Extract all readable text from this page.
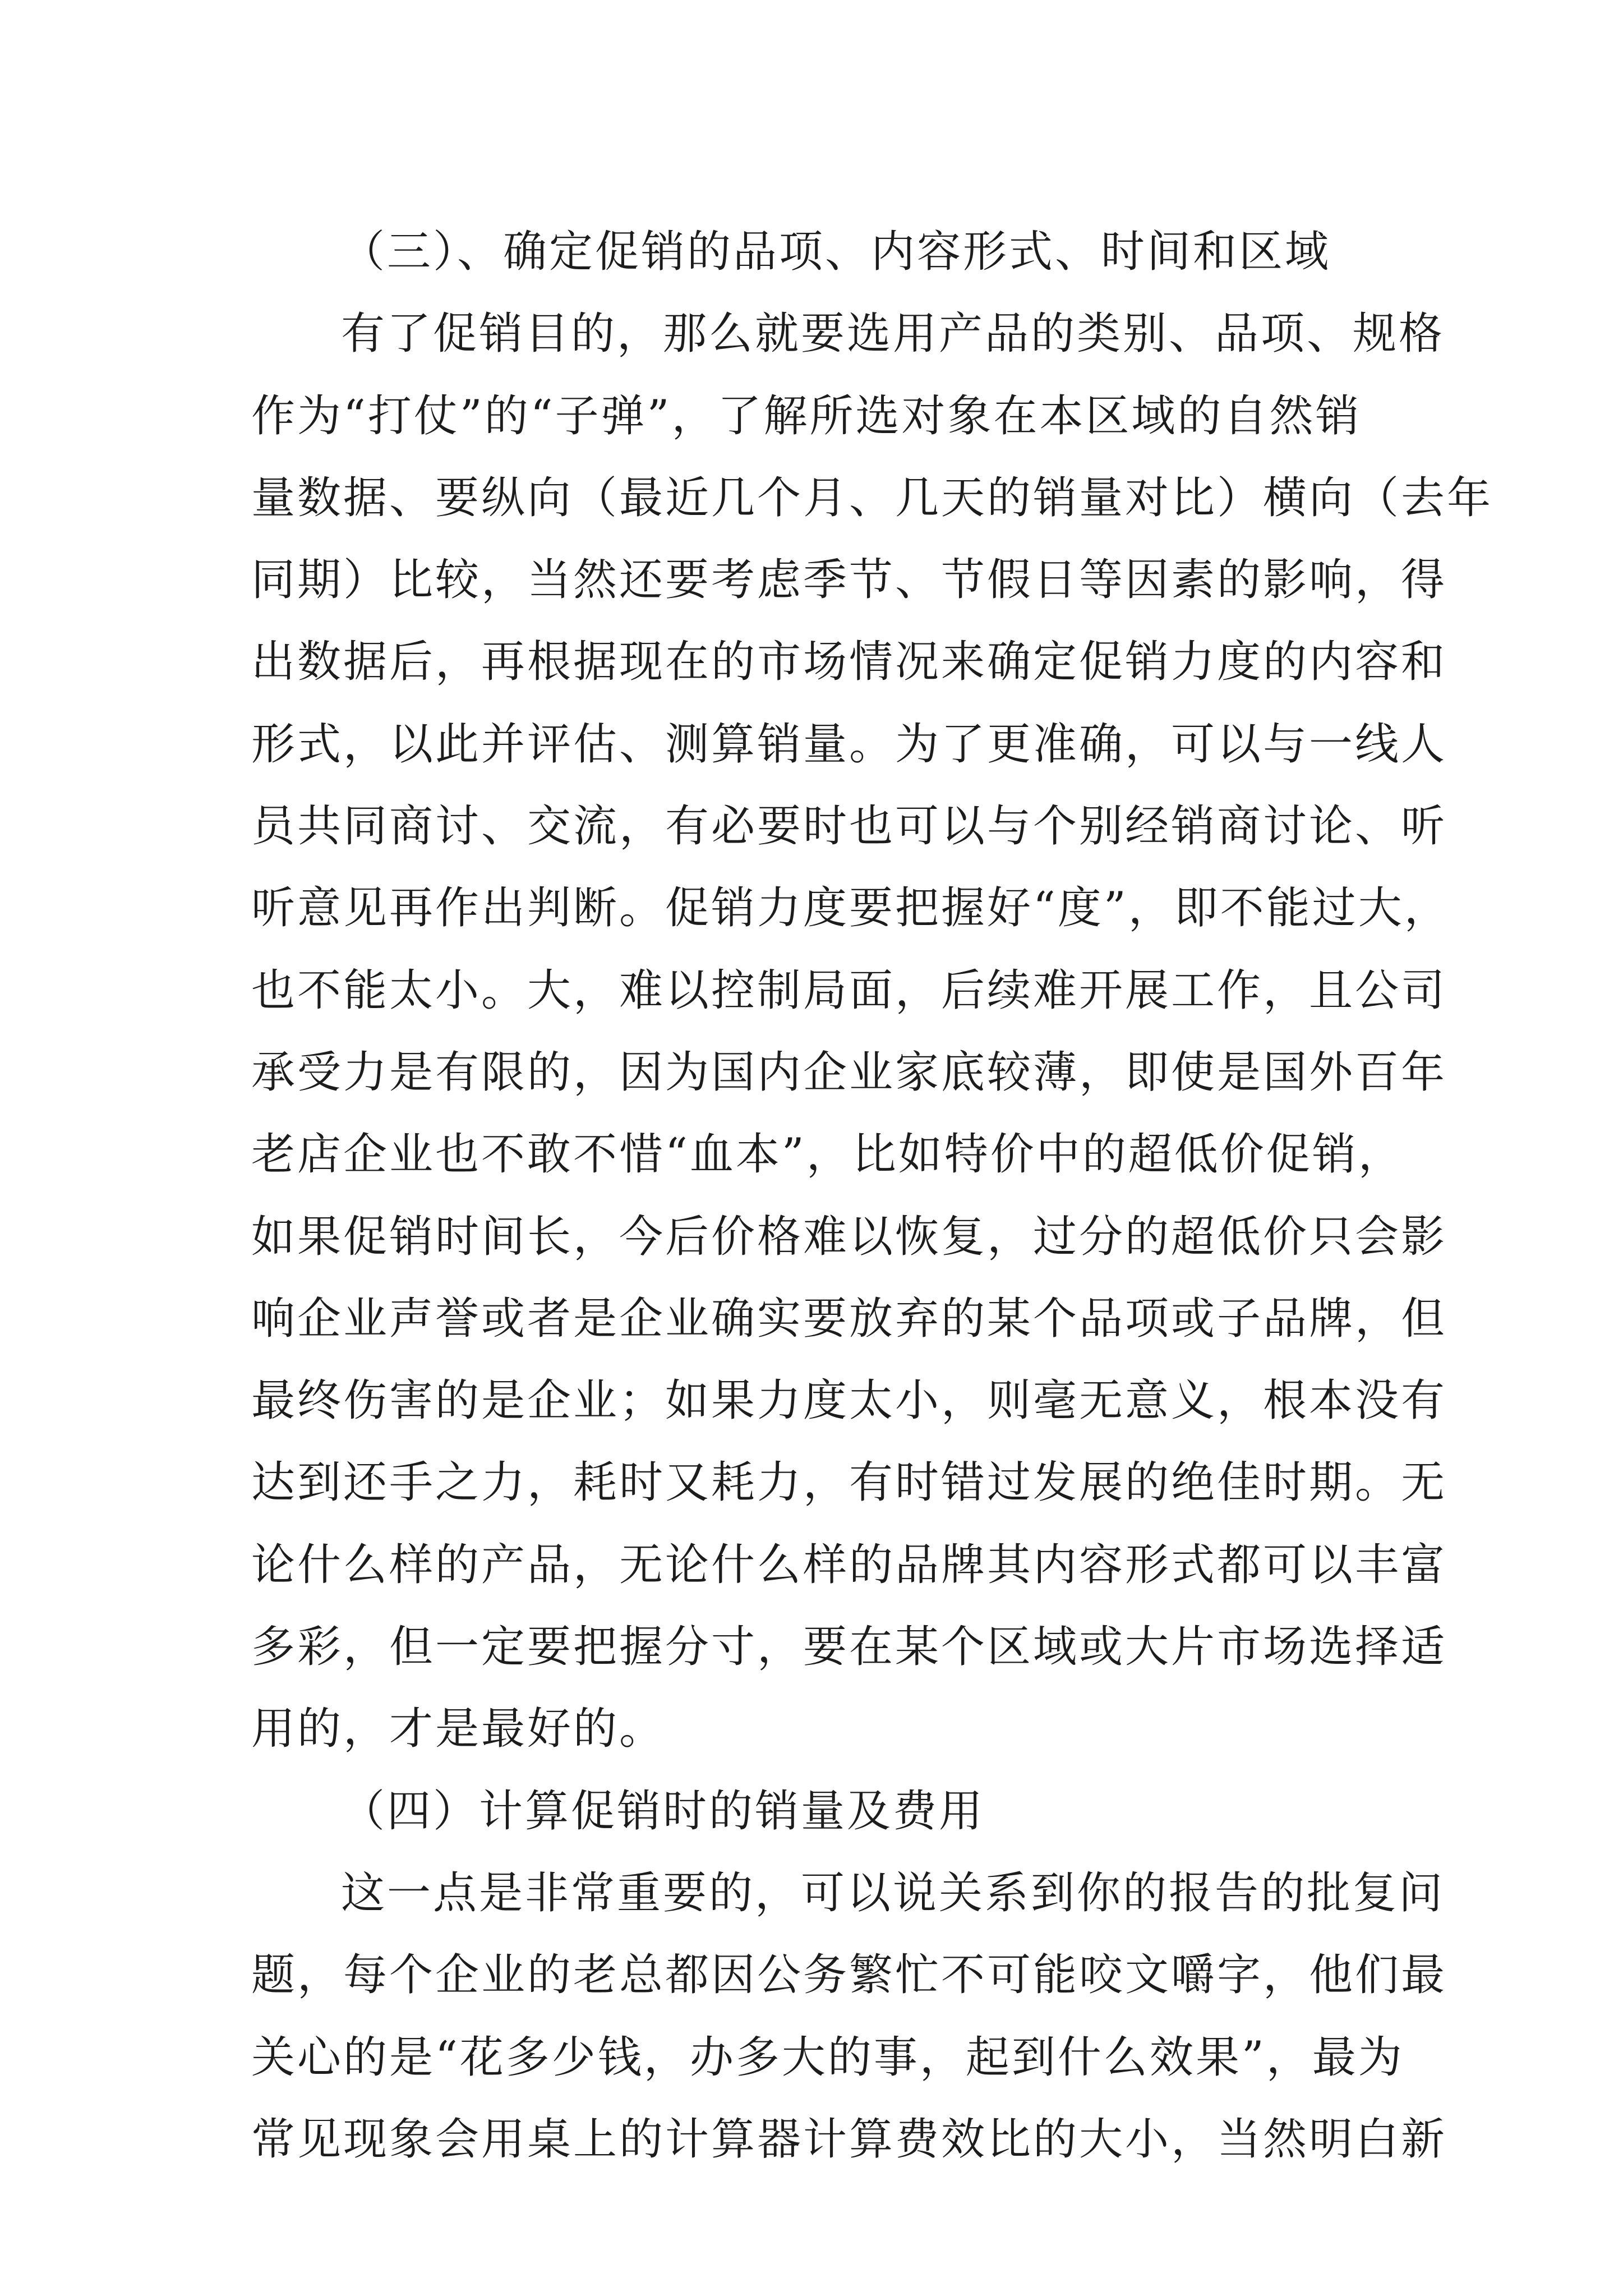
（三）、确定促销的品项、内容形式、时间和区域
有了促销目的，那么就要选用产品的类别、品项、规格
作为“打仗”的“子弹”，了解所选对象在本区域的自然销
量数据、要纵向（最近几个月、几天的销量对比）横向（去年
同期）比较，当然还要考虑季节、节假日等因素的影响，得
出数据后，再根据现在的市场情况来确定促销力度的内容和
形式，以此并评估、测算销量。为了更准确，可以与一线人
员共同商讨、交流，有必要时也可以与个别经销商讨论、听
听意见再作出判断。促销力度要把握好“度”，即不能过大，
也不能太小。大，难以控制局面，后续难开展工作，且公司
承受力是有限的，因为国内企业家底较薄，即使是国外百年
老店企业也不敢不惜“血本”，比如特价中的超低价促销，
如果促销时间长，今后价格难以恢复，过分的超低价只会影
响企业声誉或者是企业确实要放弃的某个品项或子品牌，但
最终伤害的是企业；如果力度太小，则毫无意义，根本没有
达到还手之力，耗时又耗力，有时错过发展的绝佳时期。无
论什么样的产品，无论什么样的品牌其内容形式都可以丰富
多彩，但一定要把握分寸，要在某个区域或大片市场选择适
用的，才是最好的。
（四）计算促销时的销量及费用
这一点是非常重要的，可以说关系到你的报告的批复问
题，每个企业的老总都因公务繁忙不可能咬文嚼字，他们最
关心的是“花多少钱，办多大的事，起到什么效果”，最为
常见现象会用桌上的计算器计算费效比的大小，当然明白新
